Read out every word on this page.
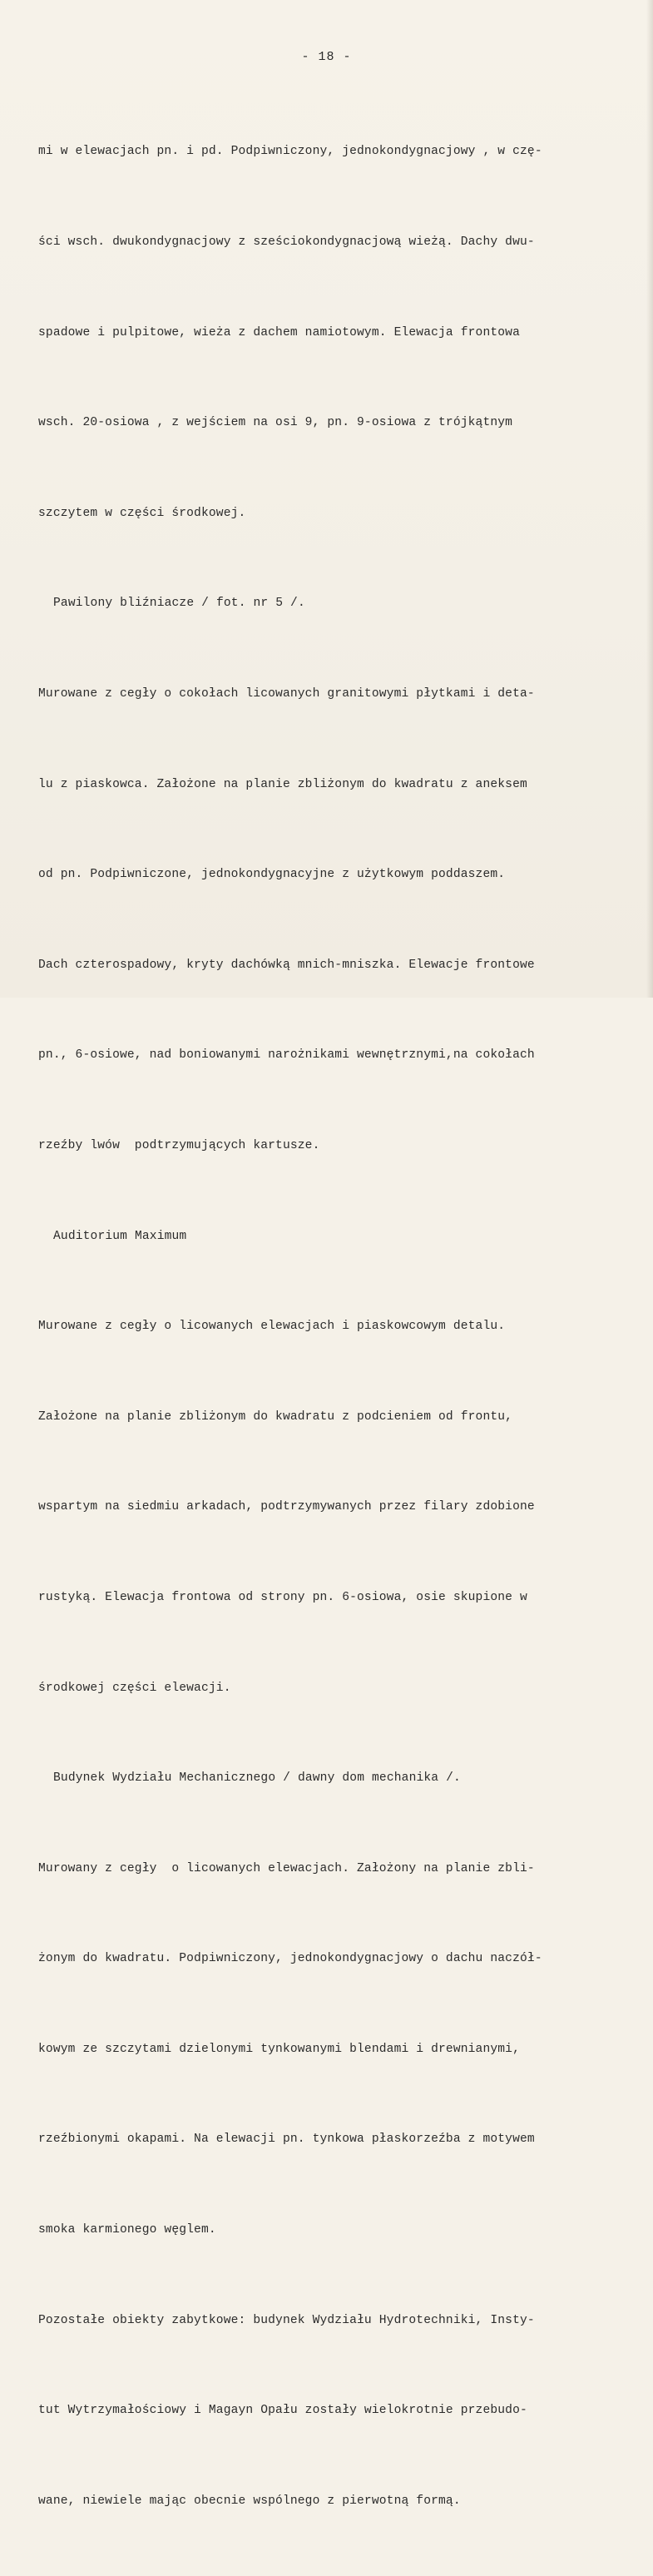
- 18 -

mi w elewacjach pn. i pd. Podpiwniczony, jednokondygnacjowy , w czę-

ści wsch. dwukondygnacjowy z sześciokondygnacjową wieżą. Dachy dwu-

spadowe i pulpitowe, wieża z dachem namiotowym. Elewacja frontowa

wsch. 20-osiowa , z wejściem na osi 9, pn. 9-osiowa z trójkątnym

szczytem w części środkowej.

Pawilony bliźniacze / fot. nr 5 /.

Murowane z cegły o cokołach licowanych granitowymi płytkami i deta-

lu z piaskowca. Założone na planie zbliżonym do kwadratu z aneksem

od pn. Podpiwniczone, jednokondygnacyjne z użytkowym poddaszem.

Dach czterospadowy, kryty dachówką mnich-mniszka. Elewacje frontowe

pn., 6-osiowe, nad boniowanymi narożnikami wewnętrznymi,na cokołach

rzeźby lwów  podtrzymujących kartusze.

Auditorium Maximum

Murowane z cegły o licowanych elewacjach i piaskowcowym detalu.

Założone na planie zbliżonym do kwadratu z podcieniem od frontu,

wspartym na siedmiu arkadach, podtrzymywanych przez filary zdobione

rustyką. Elewacja frontowa od strony pn. 6-osiowa, osie skupione w

środkowej części elewacji.

Budynek Wydziału Mechanicznego / dawny dom mechanika /.

Murowany z cegły  o licowanych elewacjach. Założony na planie zbli-

żonym do kwadratu. Podpiwniczony, jednokondygnacjowy o dachu naczół-

kowym ze szczytami dzielonymi tynkowanymi blendami i drewnianymi,

rzeźbionymi okapami. Na elewacji pn. tynkowa płaskorzeźba z motywem

smoka karmionego węglem.

Pozostałe obiekty zabytkowe: budynek Wydziału Hydrotechniki, Insty-

tut Wytrzymałościowy i Magayn Opału zostały wielokrotnie przebudo-

wane, niewiele mając obecnie wspólnego z pierwotną formą.
